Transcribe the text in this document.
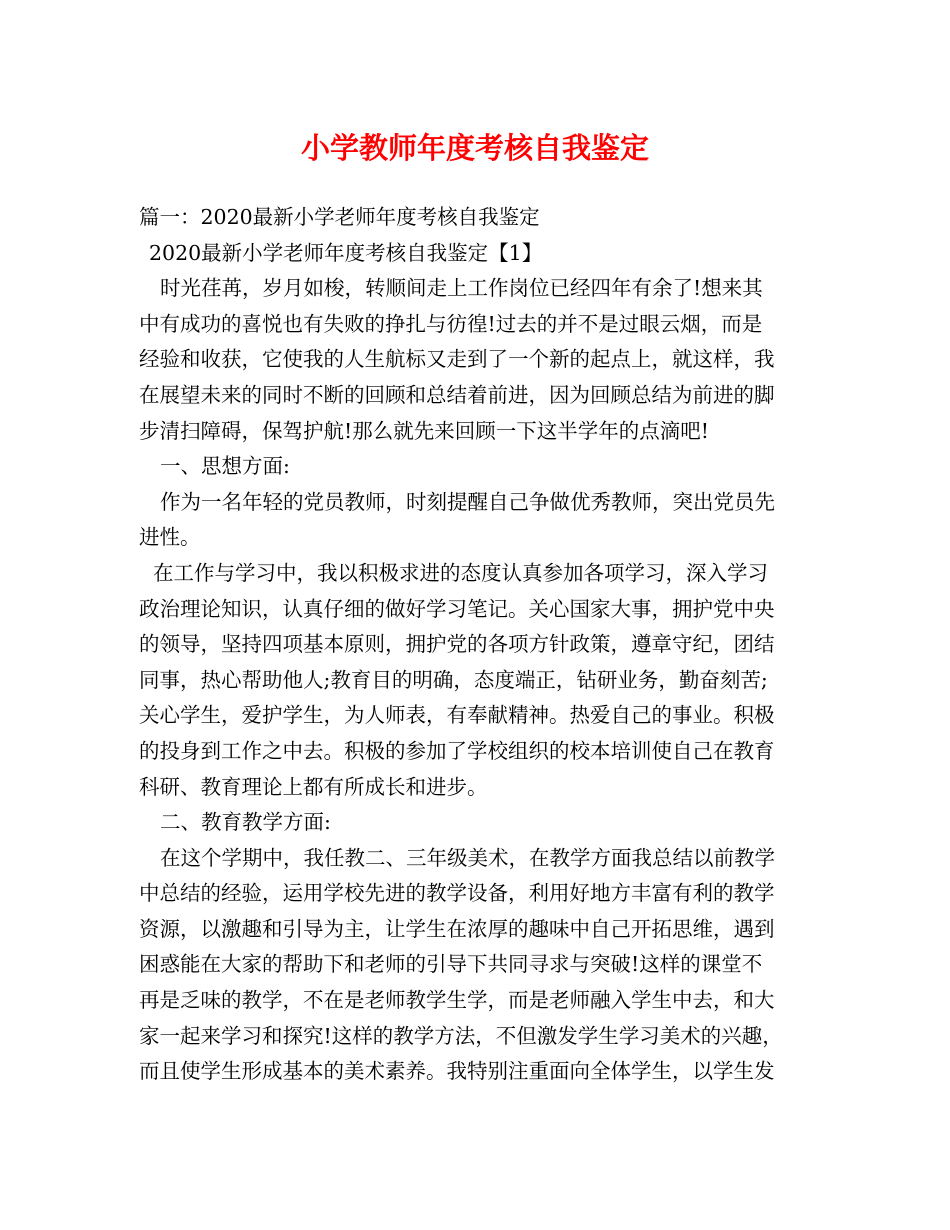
小学教师年度考核自我鉴定
篇一：2020最新小学老师年度考核自我鉴定
2020最新小学老师年度考核自我鉴定【1】
时光荏苒，岁月如梭，转顺间走上工作岗位已经四年有余了!想来其
中有成功的喜悦也有失败的挣扎与彷徨!过去的并不是过眼云烟，而是
经验和收获，它使我的人生航标又走到了一个新的起点上，就这样，我
在展望未来的同时不断的回顾和总结着前进，因为回顾总结为前进的脚
步清扫障碍，保驾护航!那么就先来回顾一下这半学年的点滴吧!
一、思想方面:
作为一名年轻的党员教师，时刻提醒自己争做优秀教师，突出党员先
进性。
在工作与学习中，我以积极求进的态度认真参加各项学习，深入学习
政治理论知识，认真仔细的做好学习笔记。关心国家大事，拥护党中央
的领导，坚持四项基本原则，拥护党的各项方针政策，遵章守纪，团结
同事，热心帮助他人;教育目的明确，态度端正，钻研业务，勤奋刻苦;
关心学生，爱护学生，为人师表，有奉献精神。热爱自己的事业。积极
的投身到工作之中去。积极的参加了学校组织的校本培训使自己在教育
科研、教育理论上都有所成长和进步。
二、教育教学方面:
在这个学期中，我任教二、三年级美术，在教学方面我总结以前教学
中总结的经验，运用学校先进的教学设备，利用好地方丰富有利的教学
资源，以激趣和引导为主，让学生在浓厚的趣味中自己开拓思维，遇到
困惑能在大家的帮助下和老师的引导下共同寻求与突破!这样的课堂不
再是乏味的教学，不在是老师教学生学，而是老师融入学生中去，和大
家一起来学习和探究!这样的教学方法，不但激发学生学习美术的兴趣，
而且使学生形成基本的美术素养。我特别注重面向全体学生，以学生发
